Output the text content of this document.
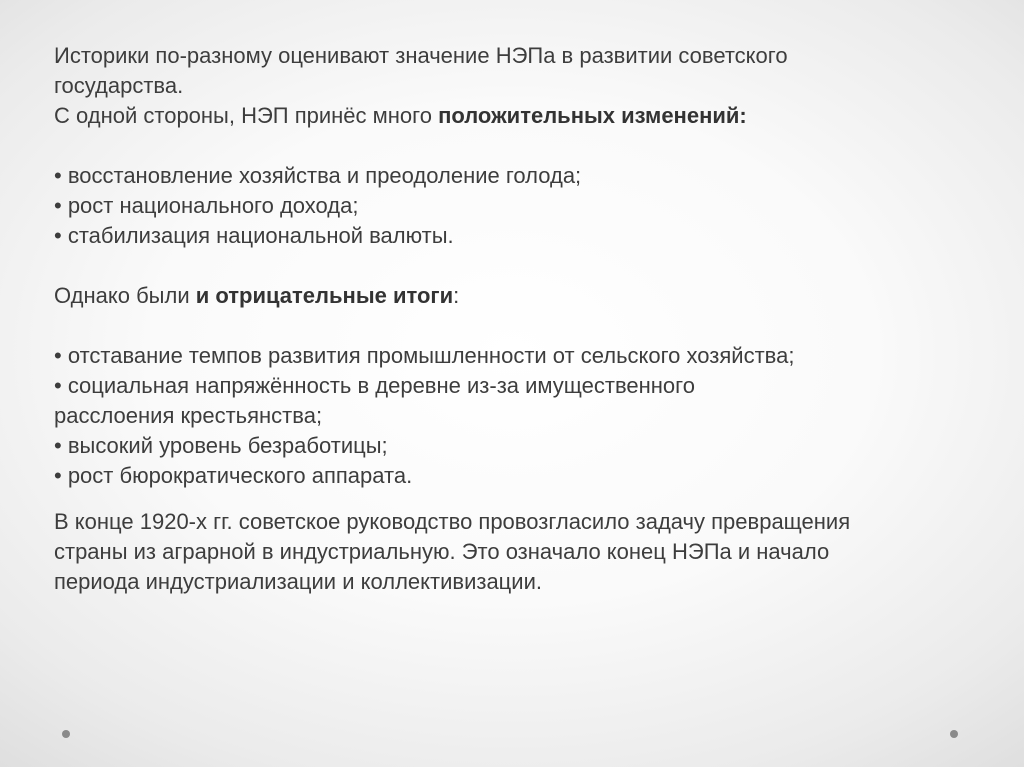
Историки по-разному оценивают значение НЭПа в развитии советского
государства.
С одной стороны, НЭП принёс много положительных изменений:
• восстановление хозяйства и преодоление голода;
• рост национального дохода;
• стабилизация национальной валюты.
Однако были и отрицательные итоги:
• отставание темпов развития промышленности от сельского хозяйства;
• социальная напряжённость в деревне из-за имущественного
расслоения крестьянства;
• высокий уровень безработицы;
• рост бюрократического аппарата.
В конце 1920-х гг. советское руководство провозгласило задачу превращения
страны из аграрной в индустриальную. Это означало конец НЭПа и начало
периода индустриализации и коллективизации.
